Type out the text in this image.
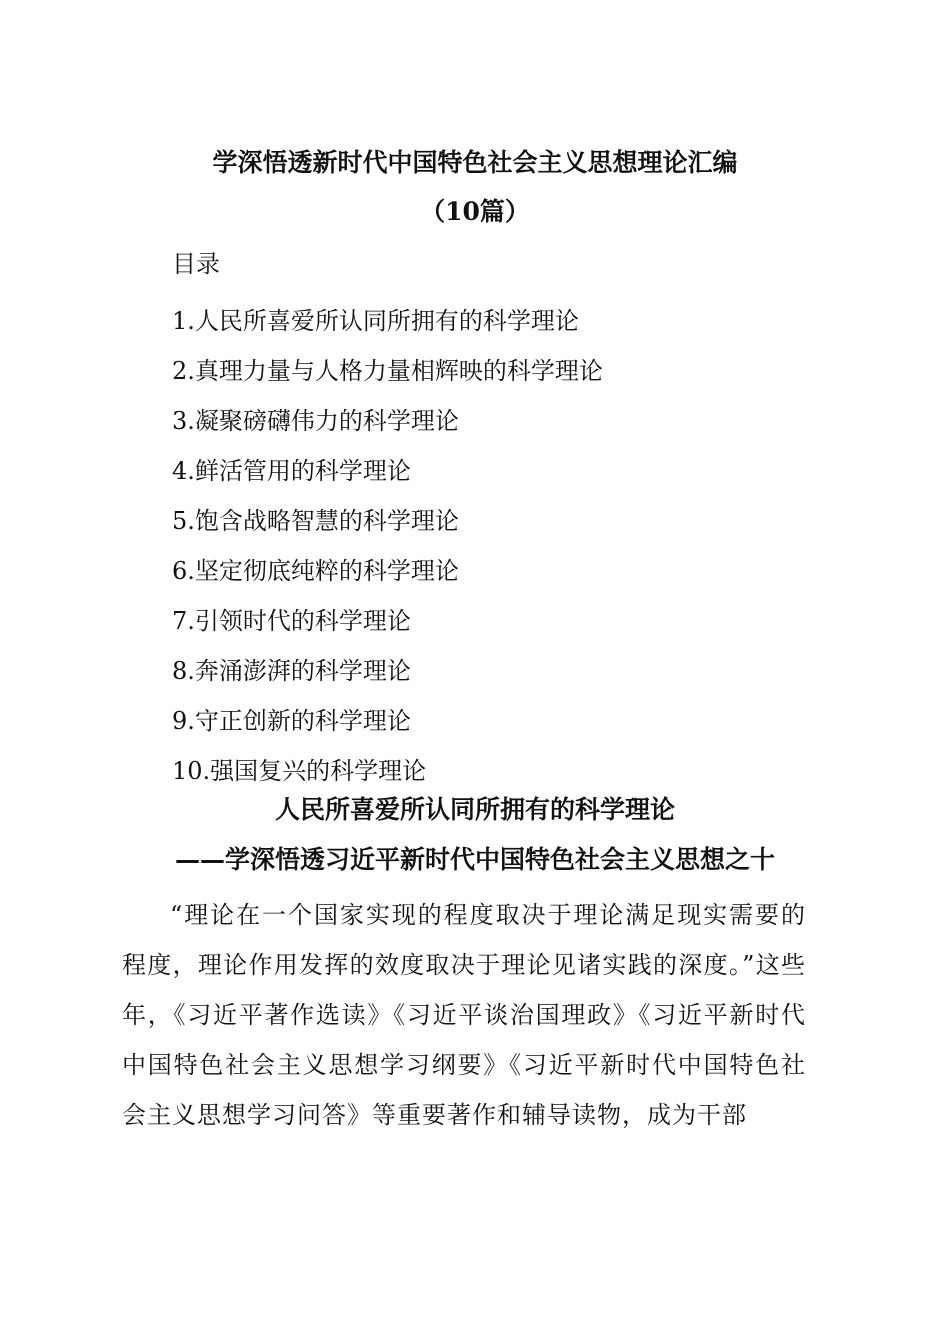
学深悟透新时代中国特色社会主义思想理论汇编
（10篇）
目录
1.人民所喜爱所认同所拥有的科学理论
2.真理力量与人格力量相辉映的科学理论
3.凝聚磅礴伟力的科学理论
4.鲜活管用的科学理论
5.饱含战略智慧的科学理论
6.坚定彻底纯粹的科学理论
7.引领时代的科学理论
8.奔涌澎湃的科学理论
9.守正创新的科学理论
10.强国复兴的科学理论
人民所喜爱所认同所拥有的科学理论
——学深悟透习近平新时代中国特色社会主义思想之十

“理论在一个国家实现的程度取决于理论满足现实需要的程度，理论作用发挥的效度取决于理论见诸实践的深度。”这些年，《习近平著作选读》《习近平谈治国理政》《习近平新时代中国特色社会主义思想学习纲要》《习近平新时代中国特色社会主义思想学习问答》等重要著作和辅导读物，成为干部
